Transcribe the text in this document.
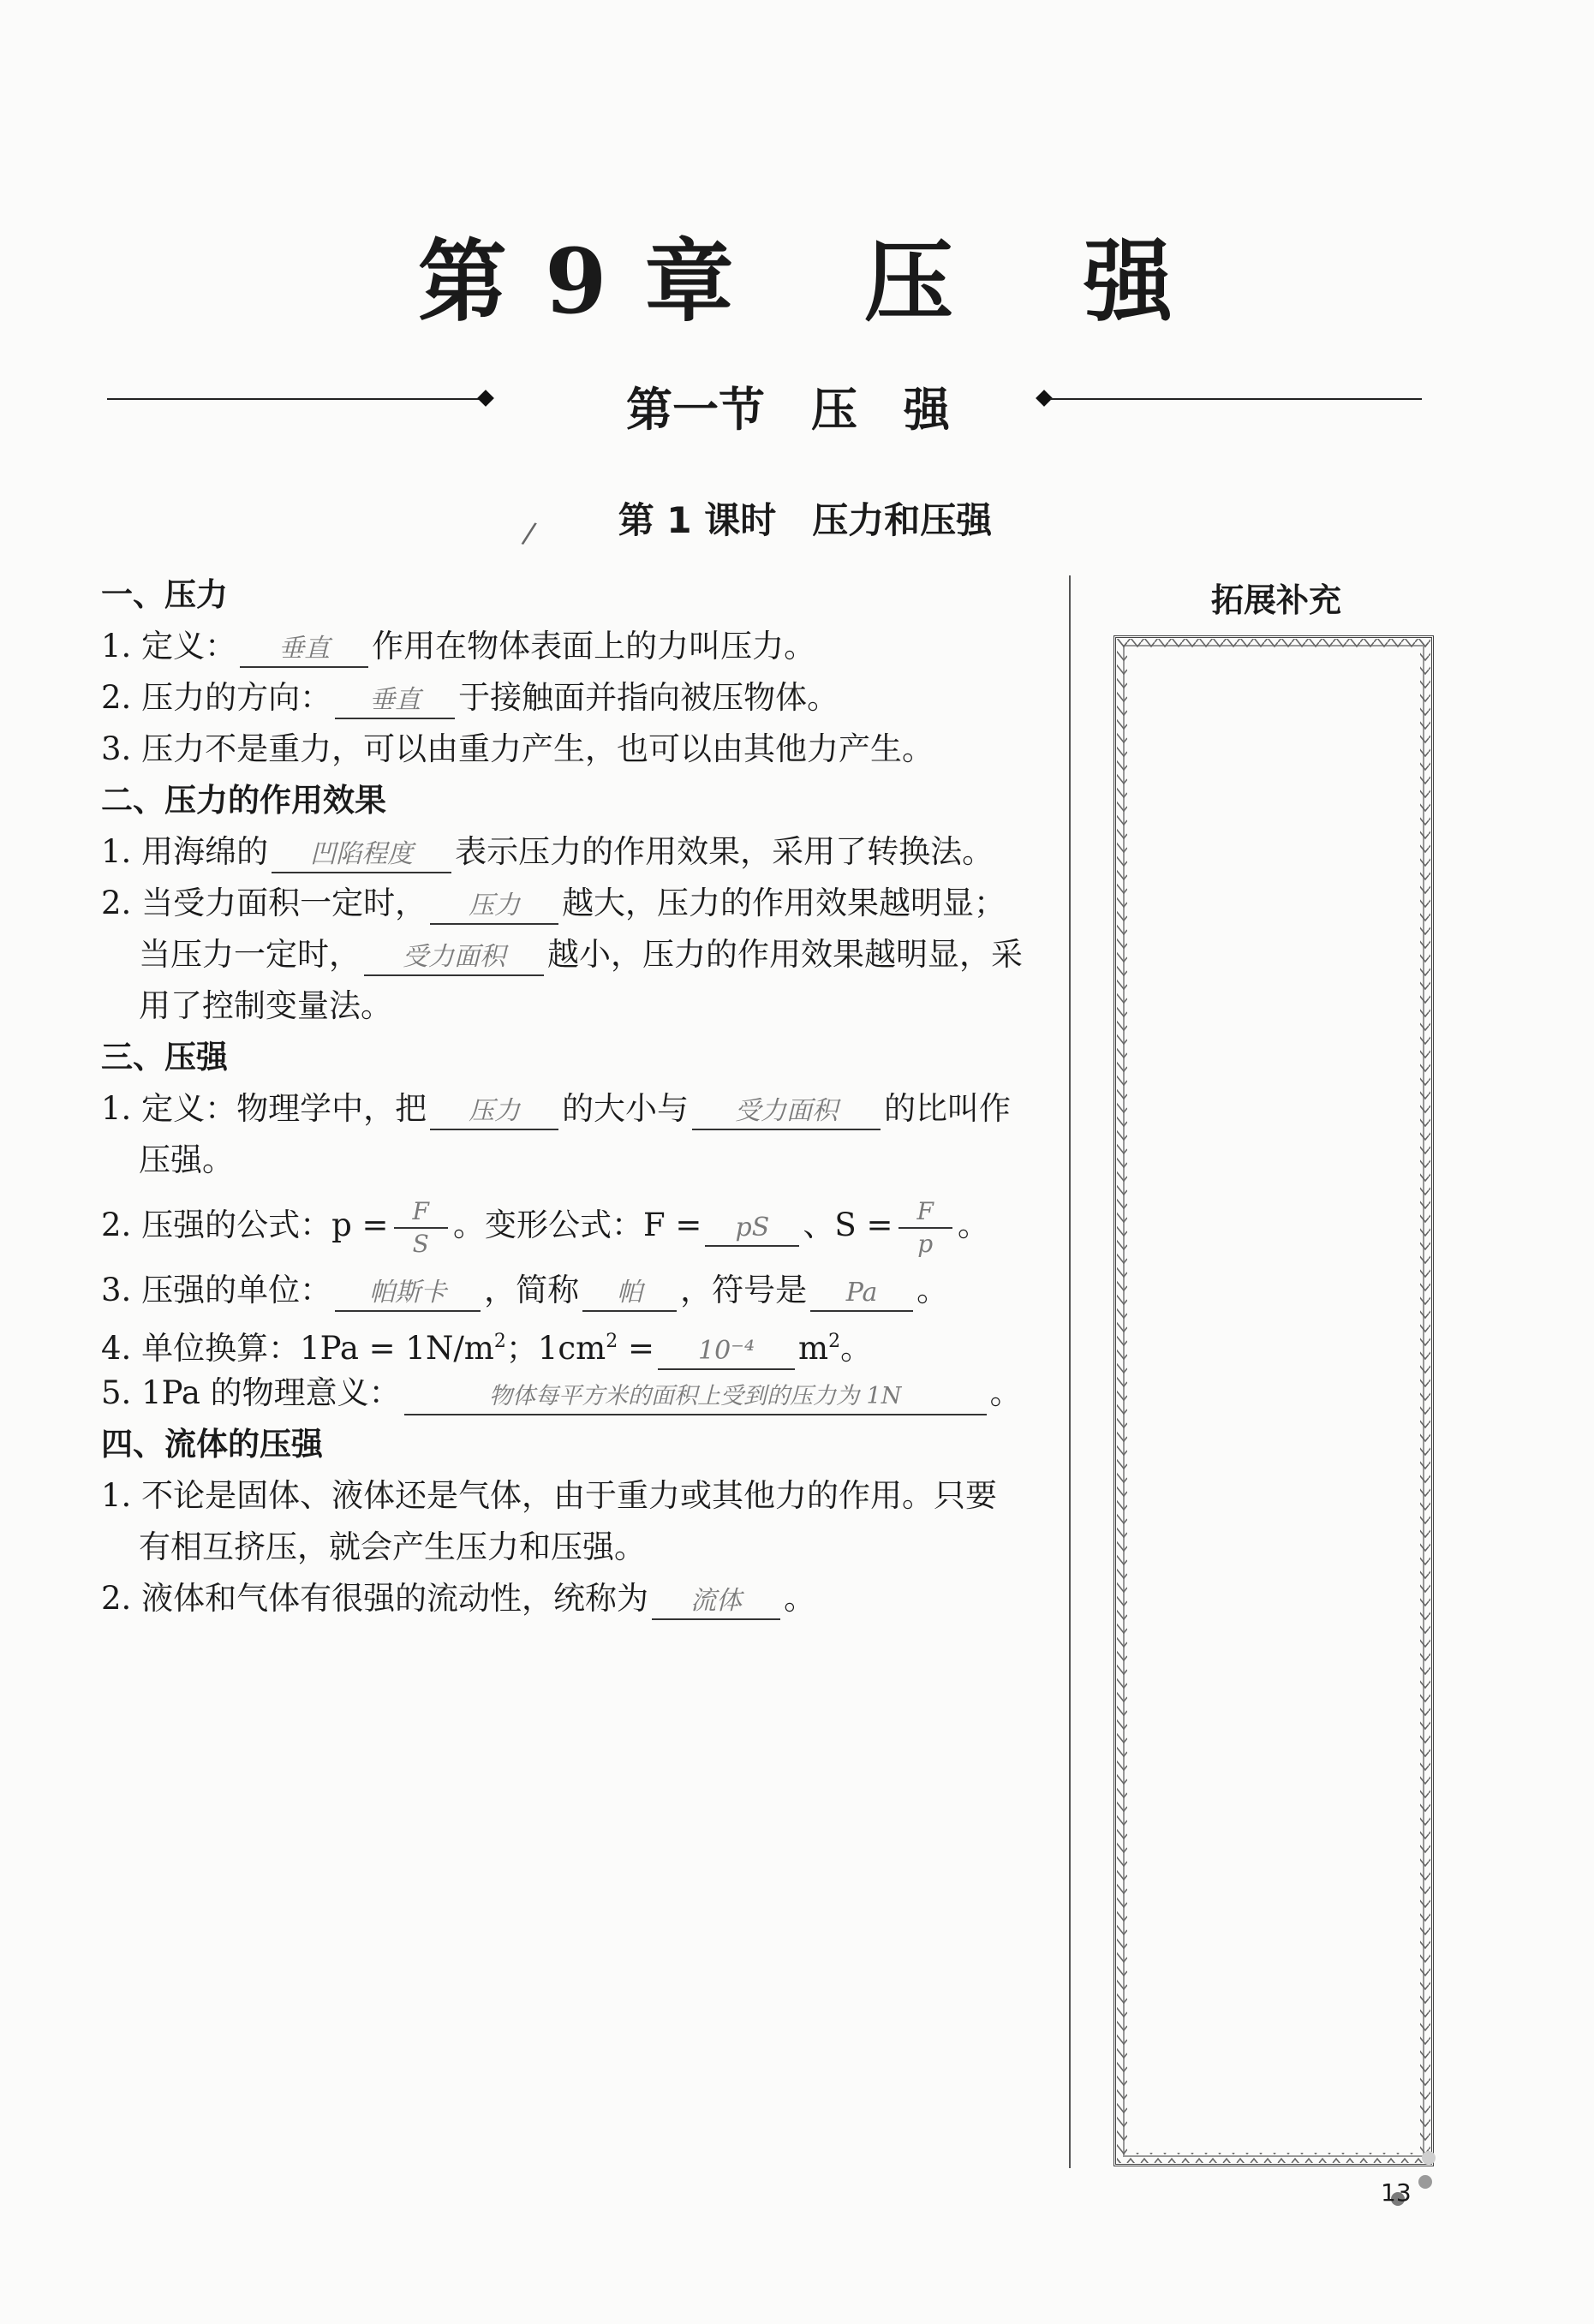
第 9 章　 压　 强
第一节　压　强
/	第 1 课时　压力和压强
一、压力
1. 定义： 垂直 作用在物体表面上的力叫压力。
2. 压力的方向： 垂直 于接触面并指向被压物体。
3. 压力不是重力，可以由重力产生，也可以由其他力产生。
二、压力的作用效果
1. 用海绵的 凹陷程度 表示压力的作用效果，采用了转换法。
2. 当受力面积一定时， 压力 越大，压力的作用效果越明显；
当压力一定时， 受力面积 越小，压力的作用效果越明显，采
用了控制变量法。
三、压强
1. 定义：物理学中，把 压力 的大小与 受力面积 的比叫作
压强。
2. 压强的公式：$p = \frac{F}{S}$ 。变形公式：F = pS 、$S = \frac{F}{p}$ 。
3. 压强的单位： 帕斯卡 ，简称 帕 ，符号是 Pa 。
4. 单位换算：$1Pa = 1N/m^2$；$1cm^2 = 10^{-4}$ $m^2$。
5. 1Pa 的物理意义：	物体每平方米的面积上受到的压力为 1N	。
四、流体的压强
1. 不论是固体、液体还是气体，由于重力或其他力的作用。只要
有相互挤压，就会产生压力和压强。
2. 液体和气体有很强的流动性，统称为 流体 。
拓展补充
13
